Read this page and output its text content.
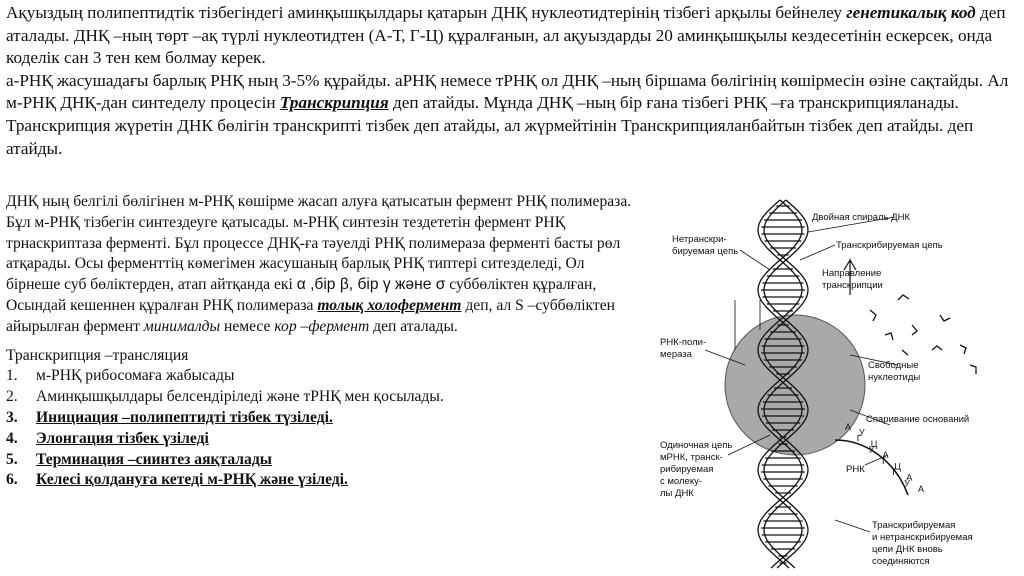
Ақуыздың полипептидтік тізбегіндегі аминқышқылдары қатарын ДНҚ нуклеотидтерінің тізбегі арқылы бейнелеу генетикалық код деп аталады. ДНҚ –ның төрт –ақ түрлі нуклеотидтен (А-Т, Г-Ц) құралғанын, ал ақуыздарды 20 аминқышқылы кездесетінін ескерсек, онда коделік сан 3 тен кем болмау керек.

а-РНҚ жасушадағы барлық РНҚ ның 3-5% құрайды. аРНҚ немесе тРНҚ ол ДНҚ –ның біршама бөлігінің көшірмесін өзіне сақтайды. Ал м-РНҚ ДНҚ-дан синтеделу процесін Транскрипция деп атайды. Мұнда ДНҚ –ның бір ғана тізбегі РНҚ –ға транскрипцияланады. Транскрипция жүретін ДНК бөлігін транскрипті тізбек деп атайды, ал жүрмейтінін Транскрипцияланбайтын тізбек деп атайды. деп атайды.

ДНҚ ның белгілі бөлігінен м-РНҚ көшірме жасап алуға қатысатын фермент РНҚ полимераза. Бұл м-РНҚ тізбегін синтездеуге қатысады. м-РНҚ синтезін тездететін фермент РНҚ трнаскриптаза ферменті. Бұл процессе ДНҚ-ға тәуелді РНҚ полимераза ферменті басты рөл атқарады. Осы ферменттің көмегімен жасушаның барлық РНҚ типтері ситезделеді, Ол бірнеше суб бөліктерден, атап айтқанда екі α ,бір β, бір γ және σ суббөліктен құралған, Осындай кешеннен құралған РНҚ полимераза толық холофермент деп, ал S –суббөліктен айырылған фермент минималды немесе кор –фермент деп аталады.

Транскрипция –трансляция

1.	м-РНҚ рибосомаға жабысады
2.	Аминқышқылдары белсендіріледі және тРНҚ мен қосылады.
3.	Инициация –полипептидті тізбек түзіледі.
4.	Элонгация тізбек үзіледі
5.	Терминация –сиинтез аяқталады
6.	Келесі қолдануға кетеді м-РНҚ және үзіледі.
А
У
Г
Ц
У
А
Т
Ц
Г
А
У
А
Двойная спираль ДНК
Нетранскри-
бируемая цепь
Транскрибируемая цепь
Направление
транскрипции
РНК-поли-
мераза
Свободные
нуклеотиды
Спаривание оснований
РНК
Одиночная цепь
мРНК, транск-
рибируемая
с молеку-
лы ДНК
Транскрибируемая
и нетранскрибируемая
цепи ДНК вновь
соединяются
